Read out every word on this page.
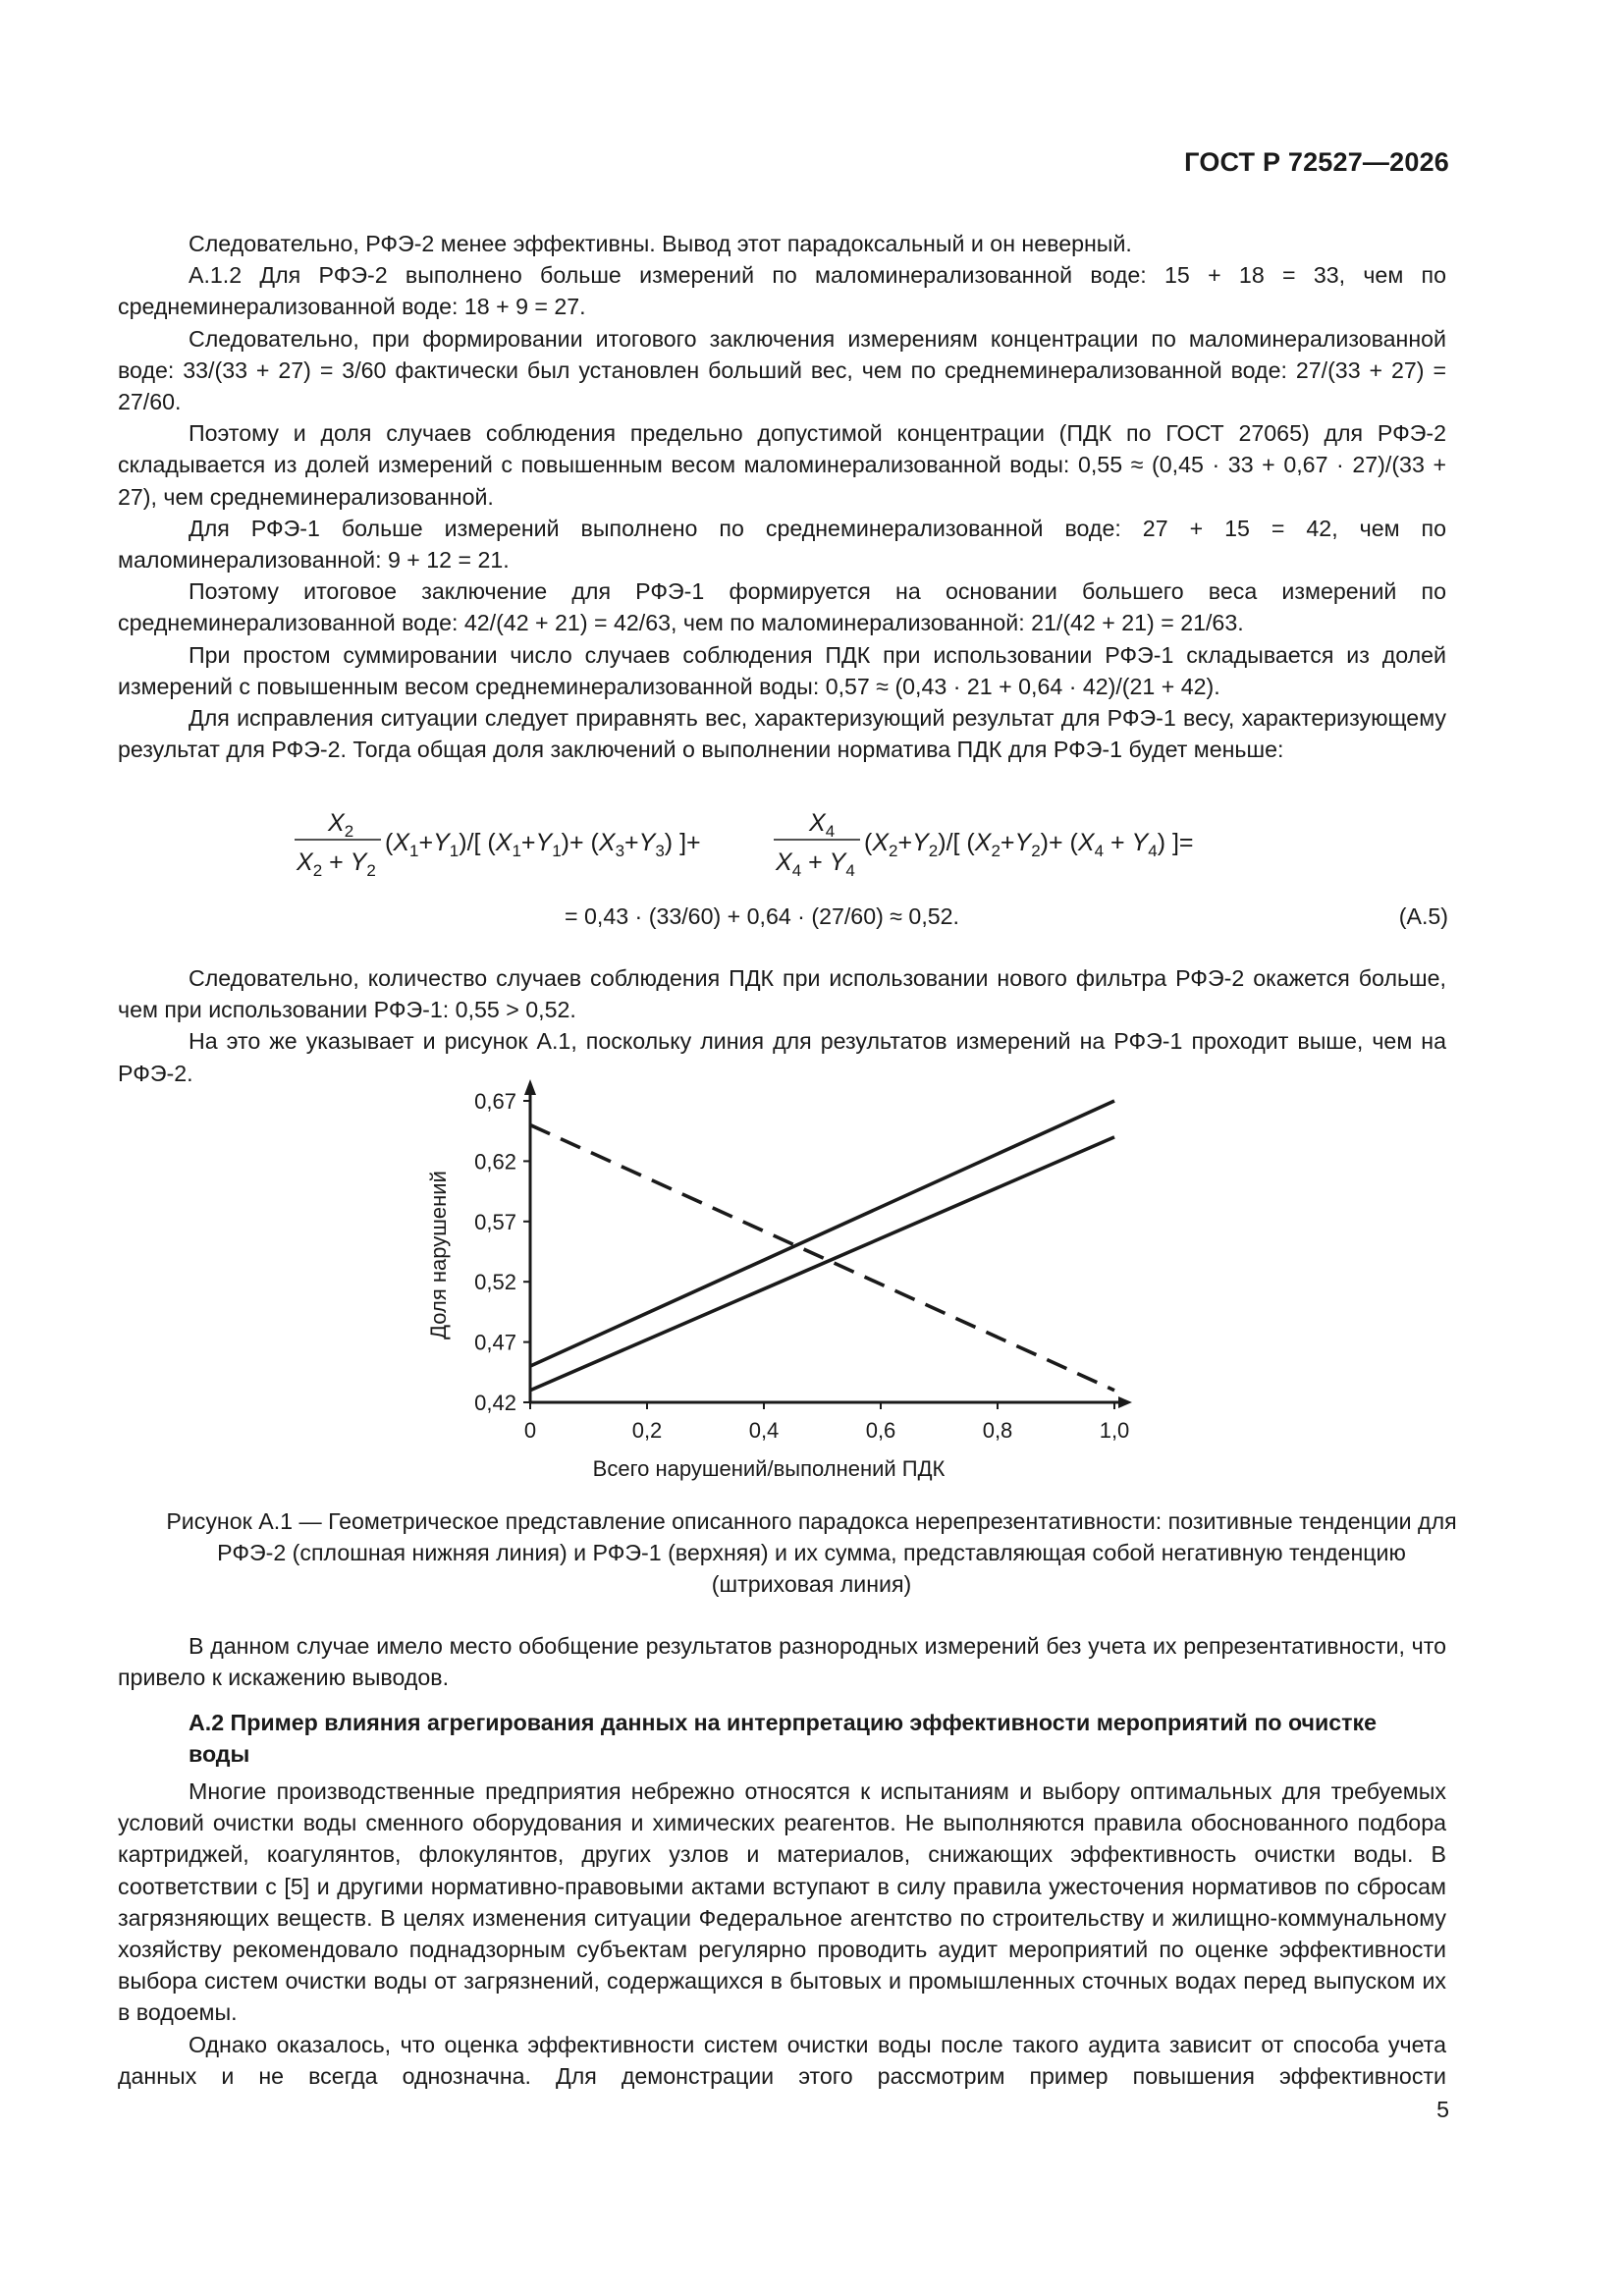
ГОСТ Р 72527—2026

Следовательно, РФЭ-2 менее эффективны. Вывод этот парадоксальный и он неверный.

А.1.2 Для РФЭ-2 выполнено больше измерений по маломинерализованной воде: 15 + 18 = 33, чем по среднеминерализованной воде: 18 + 9 = 27.

Следовательно, при формировании итогового заключения измерениям концентрации по маломинерализованной воде: 33/(33 + 27) = 3/60 фактически был установлен больший вес, чем по среднеминерализованной воде: 27/(33 + 27) = 27/60.

Поэтому и доля случаев соблюдения предельно допустимой концентрации (ПДК по ГОСТ 27065) для РФЭ-2 складывается из долей измерений с повышенным весом маломинерализованной воды: 0,55 ≈ (0,45 · 33 + 0,67 · 27)/(33 + 27), чем среднеминерализованной.

Для РФЭ-1 больше измерений выполнено по среднеминерализованной воде: 27 + 15 = 42, чем по маломинерализованной: 9 + 12 = 21.

Поэтому итоговое заключение для РФЭ-1 формируется на основании большего веса измерений по среднеминерализованной воде: 42/(42 + 21) = 42/63, чем по маломинерализованной: 21/(42 + 21) = 21/63.

При простом суммировании число случаев соблюдения ПДК при использовании РФЭ-1 складывается из долей измерений с повышенным весом среднеминерализованной воды: 0,57 ≈ (0,43 · 21 + 0,64 · 42)/(21 + 42).

Для исправления ситуации следует приравнять вес, характеризующий результат для РФЭ-1 весу, характеризующему результат для РФЭ-2. Тогда общая доля заключений о выполнении норматива ПДК для РФЭ-1 будет меньше:

$X_2$
$X_2 + Y_2$
$(X_1+Y_1)/$[ $(X_1+Y_1)+ (X_3+Y_3)$ ]+
$X_4$
$X_4 + Y_4$
$(X_2+Y_2)/$[ $(X_2+Y_2)+ (X_4 + Y_4)$ ]=
= 0,43 · (33/60) + 0,64 · (27/60) ≈ 0,52.	(А.5)

Следовательно, количество случаев соблюдения ПДК при использовании нового фильтра РФЭ-2 окажется больше, чем при использовании РФЭ-1: 0,55 > 0,52.

На это же указывает и рисунок А.1, поскольку линия для результатов измерений на РФЭ-1 проходит выше, чем на РФЭ-2.

0	0,2	0,4	0,6	0,8	1,0
0,42
0,47
0,52
0,57
0,62
0,67
Всего нарушений/выполнений ПДК
Доля нарушений
Рисунок А.1 — Геометрическое представление описанного парадокса нерепрезентативности: позитивные тенденции для РФЭ-2 (сплошная нижняя линия) и РФЭ-1 (верхняя) и их сумма, представляющая собой негативную тенденцию (штриховая линия)

В данном случае имело место обобщение результатов разнородных измерений без учета их репрезентативности, что привело к искажению выводов.

А.2 Пример влияния агрегирования данных на интерпретацию эффективности мероприятий по очистке воды

Многие производственные предприятия небрежно относятся к испытаниям и выбору оптимальных для требуемых условий очистки воды сменного оборудования и химических реагентов. Не выполняются правила обоснованного подбора картриджей, коагулянтов, флокулянтов, других узлов и материалов, снижающих эффективность очистки воды. В соответствии с [5] и другими нормативно-правовыми актами вступают в силу правила ужесточения нормативов по сбросам загрязняющих веществ. В целях изменения ситуации Федеральное агентство по строительству и жилищно-коммунальному хозяйству рекомендовало поднадзорным субъектам регулярно проводить аудит мероприятий по оценке эффективности выбора систем очистки воды от загрязнений, содержащихся в бытовых и промышленных сточных водах перед выпуском их в водоемы.

Однако оказалось, что оценка эффективности систем очистки воды после такого аудита зависит от способа учета данных и не всегда однозначна. Для демонстрации этого рассмотрим пример повышения эффективности

5
